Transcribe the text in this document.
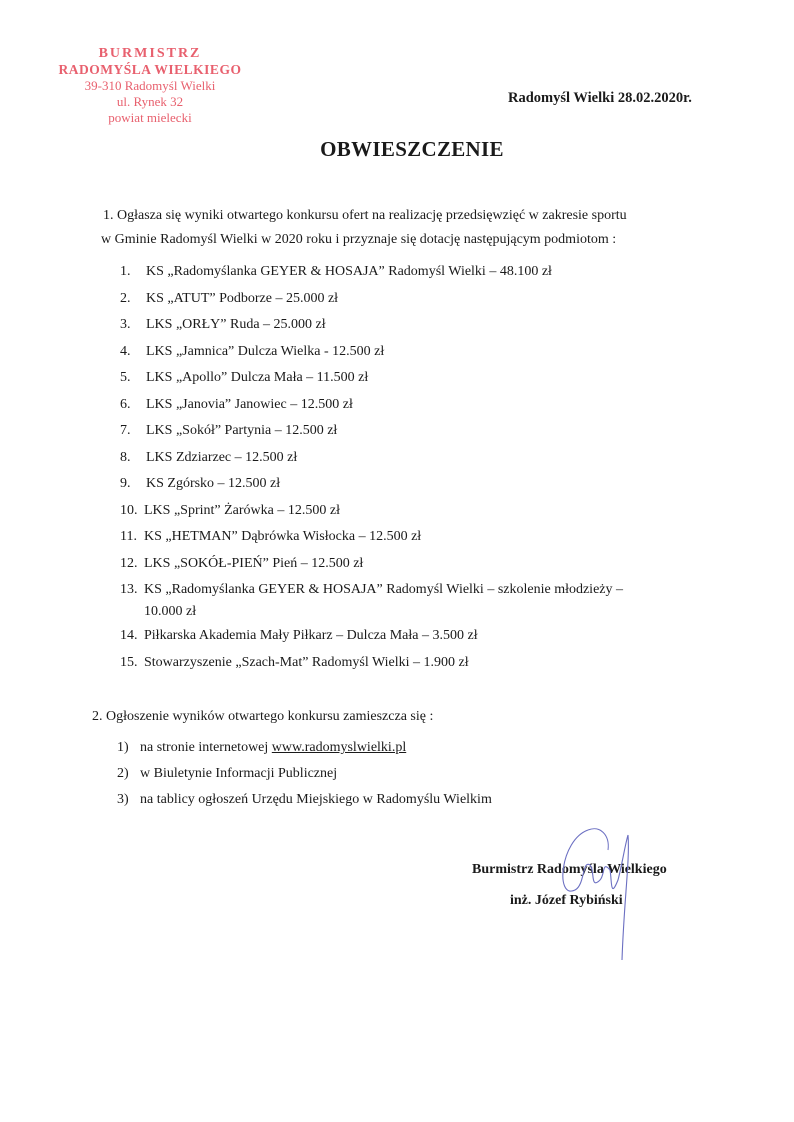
BURMISTRZ
RADOMYŚLA WIELKIEGO
39-310 Radomyśl Wielki
ul. Rynek 32
powiat mielecki
Radomyśl Wielki 28.02.2020r.
OBWIESZCZENIE
1. Ogłasza się wyniki otwartego konkursu ofert na realizację przedsięwzięć w zakresie sportu
w Gminie Radomyśl Wielki w 2020 roku i przyznaje się dotację następującym podmiotom :
1.	KS „Radomyślanka GEYER & HOSAJA” Radomyśl Wielki – 48.100 zł
2.	KS „ATUT” Podborze – 25.000 zł
3.	LKS „ORŁY” Ruda – 25.000 zł
4.	LKS „Jamnica” Dulcza Wielka - 12.500 zł
5.	LKS „Apollo” Dulcza Mała – 11.500 zł
6.	LKS „Janovia” Janowiec – 12.500 zł
7.	LKS „Sokół” Partynia – 12.500 zł
8.	LKS Zdziarzec – 12.500 zł
9.	KS Zgórsko – 12.500 zł
10. LKS „Sprint” Żarówka – 12.500 zł
11. KS „HETMAN” Dąbrówka Wisłocka – 12.500 zł
12. LKS „SOKÓŁ-PIEŃ” Pień – 12.500 zł
13. KS „Radomyślanka GEYER & HOSAJA” Radomyśl Wielki – szkolenie młodzieży –
10.000 zł
14. Piłkarska Akademia Mały Piłkarz – Dulcza Mała – 3.500 zł
15. Stowarzyszenie „Szach-Mat” Radomyśl Wielki – 1.900 zł
2. Ogłoszenie wyników otwartego konkursu zamieszcza się :
1) na stronie internetowej www.radomyslwielki.pl
2) w Biuletynie Informacji Publicznej
3) na tablicy ogłoszeń Urzędu Miejskiego w Radomyślu Wielkim
Burmistrz Radomyśla Wielkiego
inż. Józef Rybiński
